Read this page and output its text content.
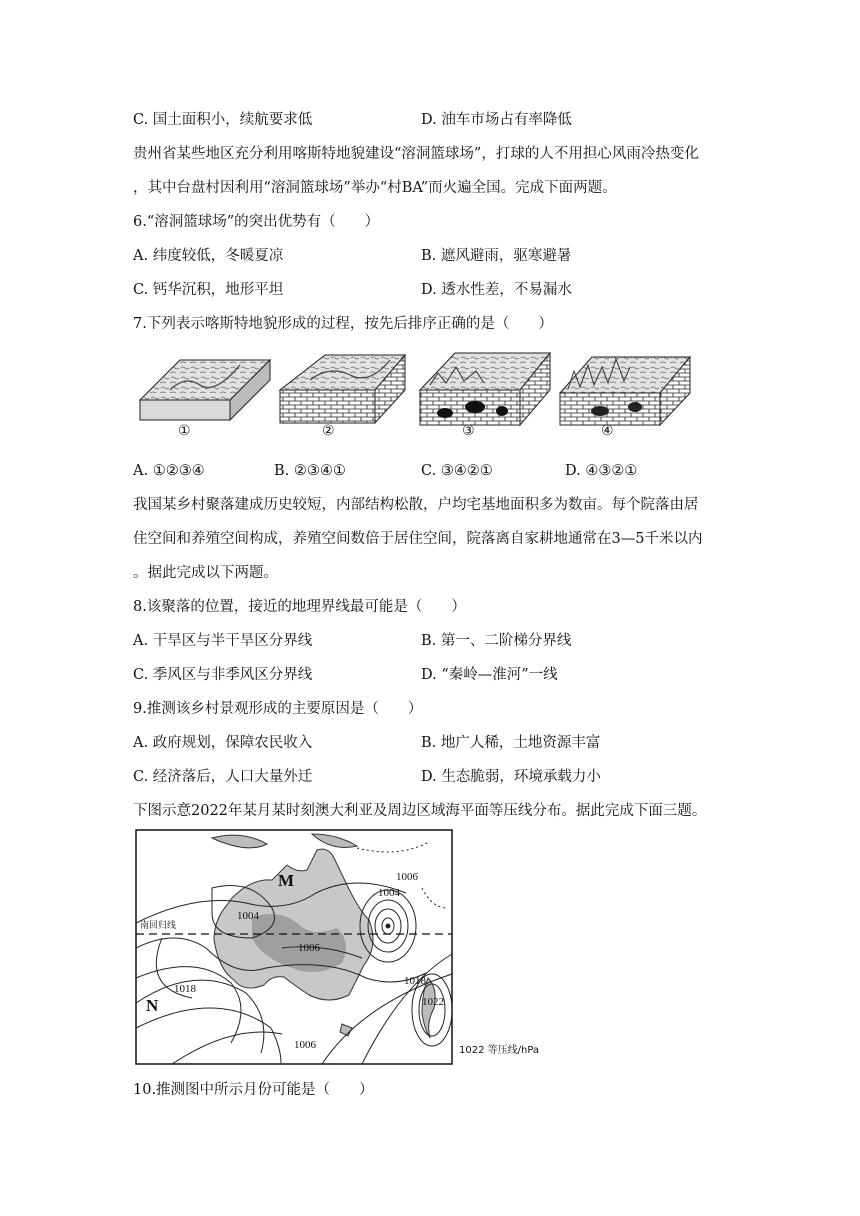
C. 国土面积小，续航要求低	D. 油车市场占有率降低
贵州省某些地区充分利用喀斯特地貌建设“溶洞篮球场”，打球的人不用担心风雨冷热变化
，其中台盘村因利用“溶洞篮球场”举办“村BA”而火遍全国。完成下面两题。
6.“溶洞篮球场”的突出优势有（　　）
A. 纬度较低，冬暖夏凉	B. 遮风避雨，驱寒避暑
C. 钙华沉积，地形平坦	D. 透水性差，不易漏水
7.下列表示喀斯特地貌形成的过程，按先后排序正确的是（　　）
①	②	③	④
A. ①②③④	B. ②③④①	C. ③④②①	D. ④③②①
我国某乡村聚落建成历史较短，内部结构松散，户均宅基地面积多为数亩。每个院落由居
住空间和养殖空间构成，养殖空间数倍于居住空间，院落离自家耕地通常在3—5千米以内
。据此完成以下两题。
8.该聚落的位置，接近的地理界线最可能是（　　）
A. 干旱区与半干旱区分界线	B. 第一、二阶梯分界线
C. 季风区与非季风区分界线	D. “秦岭—淮河”一线
9.推测该乡村景观形成的主要原因是（　　）
A. 政府规划，保障农民收入	B. 地广人稀，土地资源丰富
C. 经济落后，人口大量外迁	D. 生态脆弱，环境承载力小
下图示意2022年某月某时刻澳大利亚及周边区域海平面等压线分布。据此完成下面三题。
南回归线
M
N
1004
1004
1006
1006
1006
1018
1018
1022
1022 等压线/hPa
10.推测图中所示月份可能是（　　）
